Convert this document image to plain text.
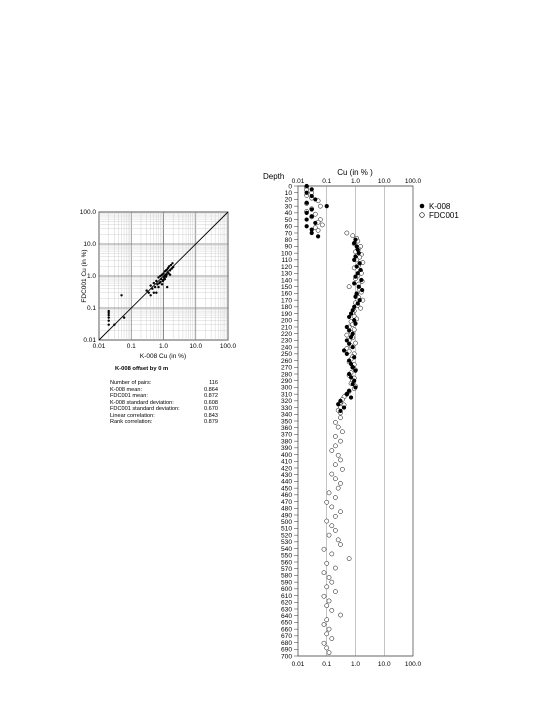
0.01
0.1
1.0
10.0
100.0
0.01	0.1	1.0	10.0	100.0
FDC001 Cu (in %)
K-008 Cu (in %)
Depth	Cu (in % )
0.01	0.1	1.0	10.0 100.0
0
10
20
30
40
50
60
70
80
90
100
110
120
130
140
150
160
170
180
190
200
210
220
230
240
250
260
270
280
290
300
310
320
330
340
350
360
370
380
390
400
410
420
430
440
450
460
470
480
490
500
510
520
530
540
550
560
570
580
590
600
610
620
630
640
650
660
670
680
690
700
0.01	0.1	1.0	10.0 100.0
K-008
FDC001
K-008 offset by 0 m
Number of pairs:	116
K-008 mean:	0.864
FDC001 mean:	0.872
K-008 standard deviation:	0.608
FDC001 standard deviation:	0.670
Linear correlation:	0.843
Rank correlation:	0.879
